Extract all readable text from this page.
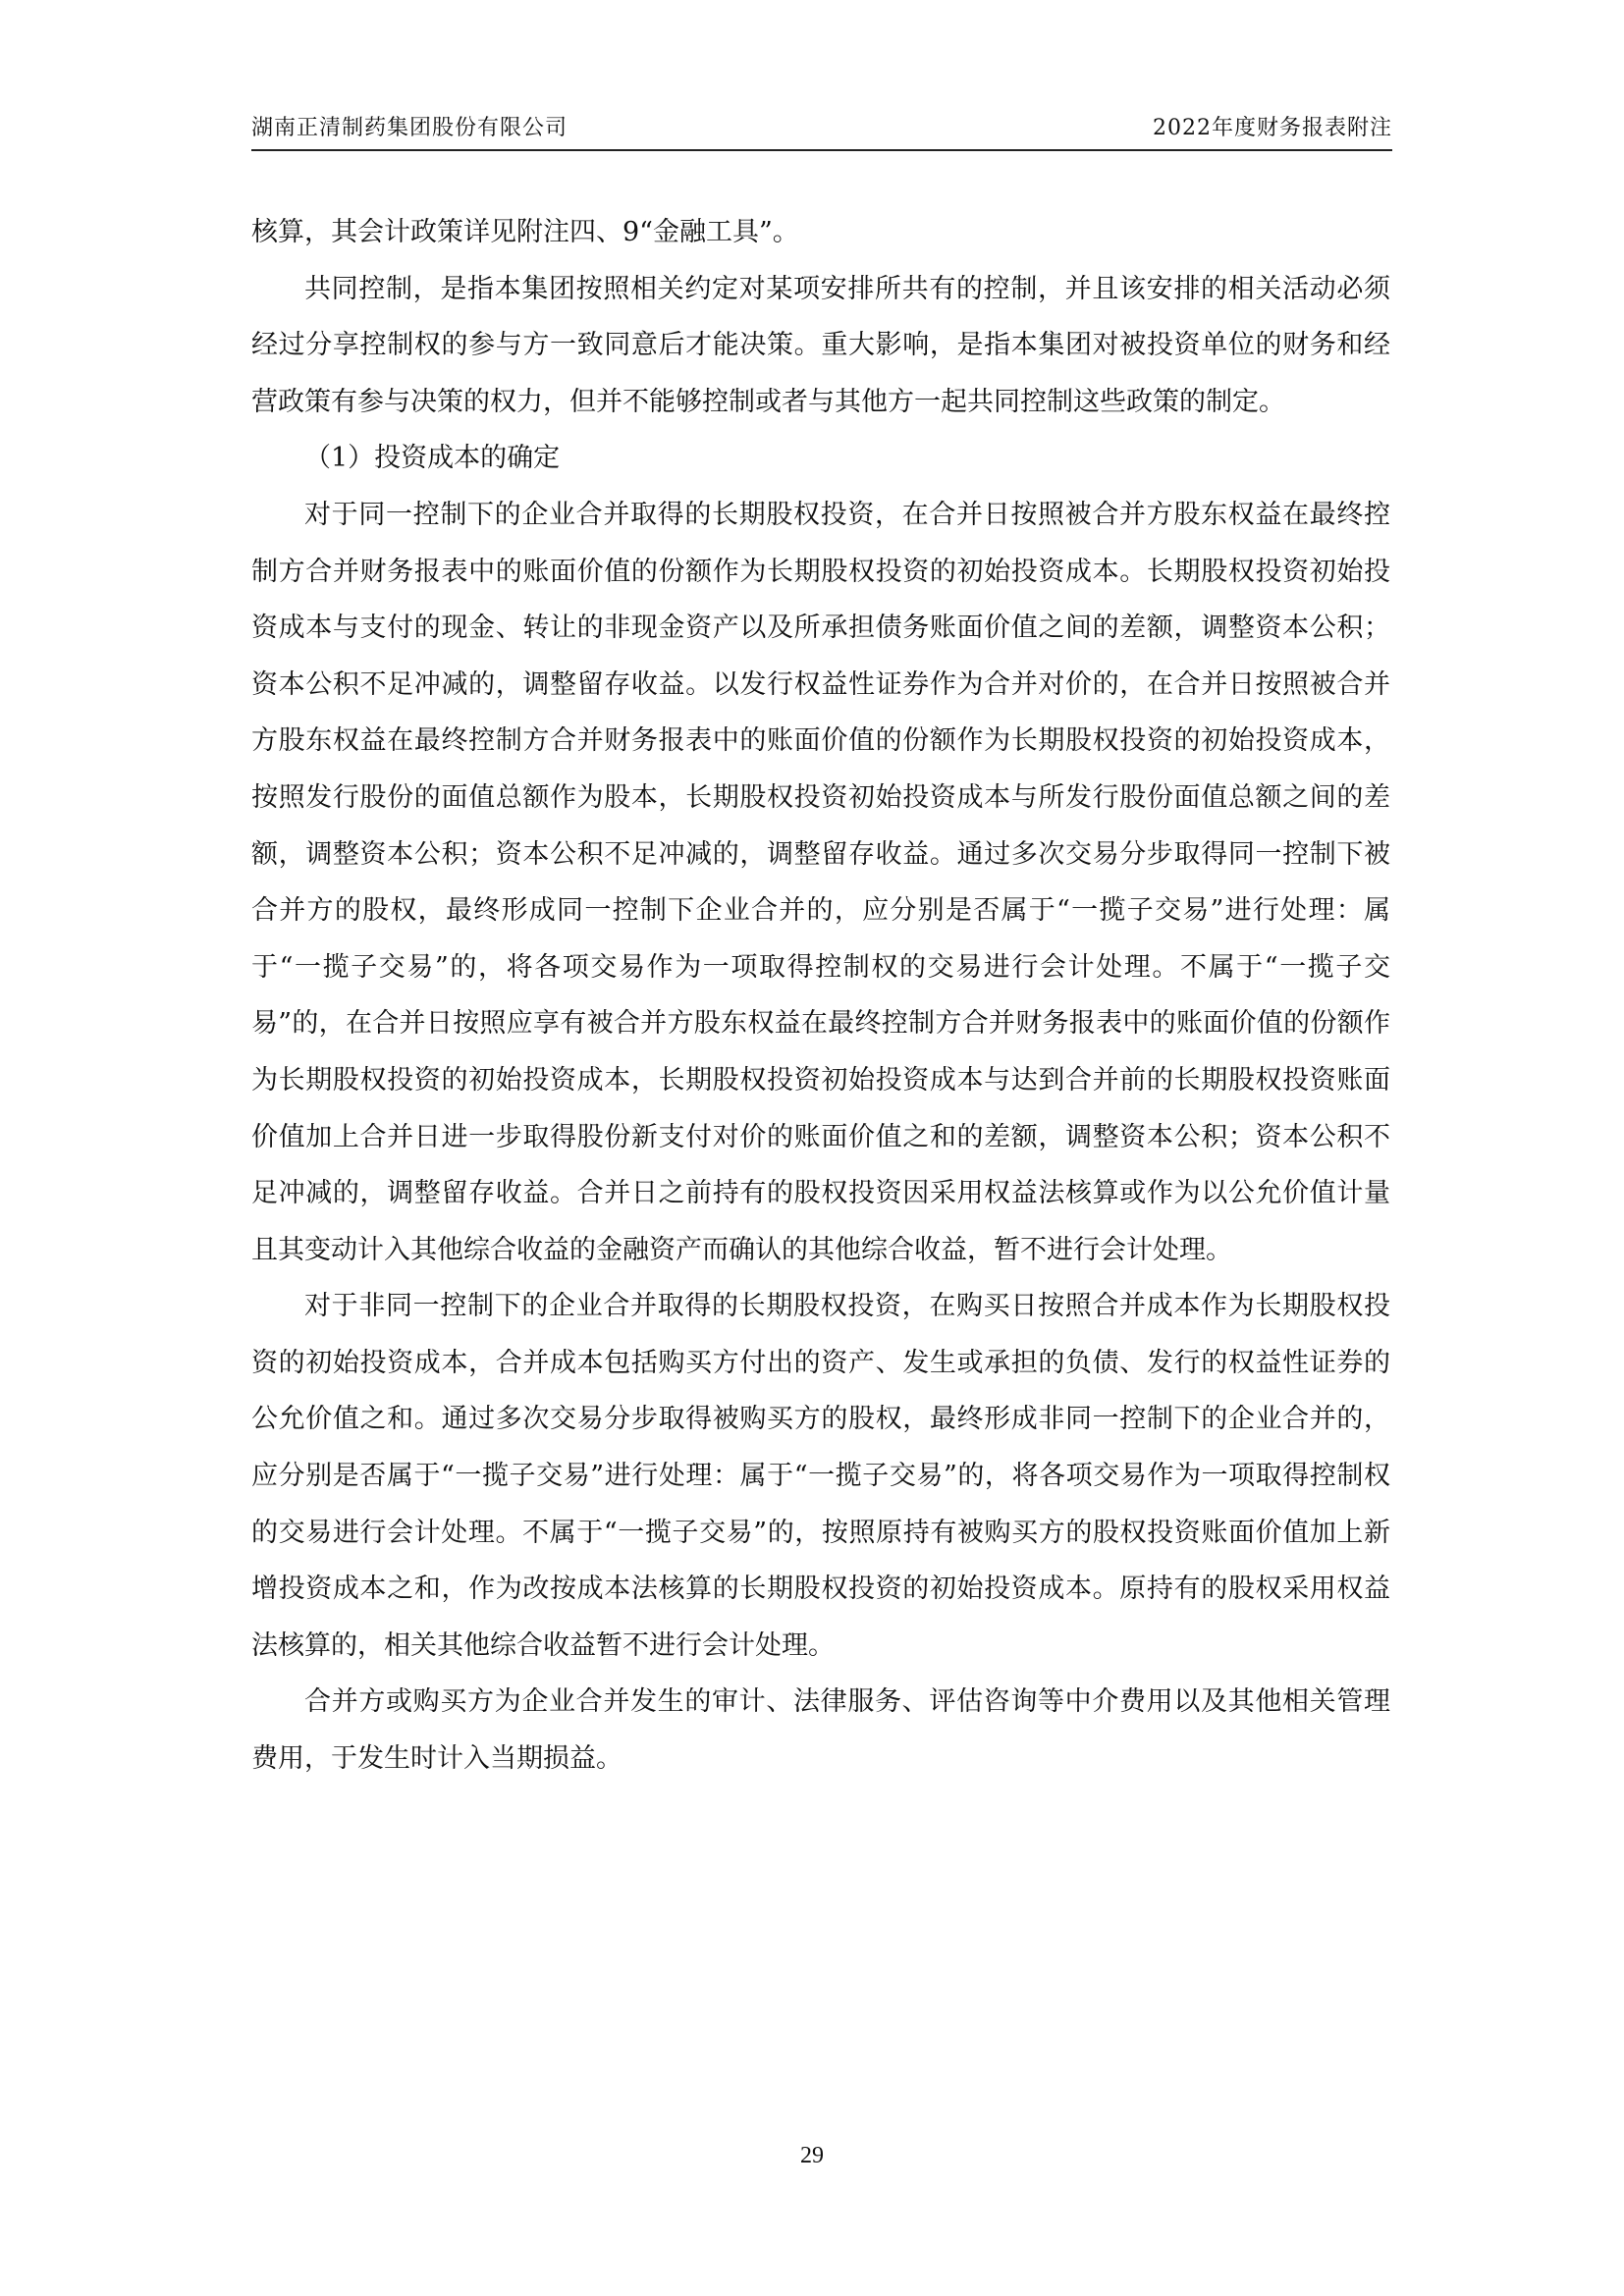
湖南正清制药集团股份有限公司	2022年度财务报表附注

核算，其会计政策详见附注四、9“金融工具”。

共同控制，是指本集团按照相关约定对某项安排所共有的控制，并且该安排的相关活动必须经过分享控制权的参与方一致同意后才能决策。重大影响，是指本集团对被投资单位的财务和经营政策有参与决策的权力，但并不能够控制或者与其他方一起共同控制这些政策的制定。

（1）投资成本的确定

对于同一控制下的企业合并取得的长期股权投资，在合并日按照被合并方股东权益在最终控制方合并财务报表中的账面价值的份额作为长期股权投资的初始投资成本。长期股权投资初始投资成本与支付的现金、转让的非现金资产以及所承担债务账面价值之间的差额，调整资本公积；资本公积不足冲减的，调整留存收益。以发行权益性证券作为合并对价的，在合并日按照被合并方股东权益在最终控制方合并财务报表中的账面价值的份额作为长期股权投资的初始投资成本，按照发行股份的面值总额作为股本，长期股权投资初始投资成本与所发行股份面值总额之间的差额，调整资本公积；资本公积不足冲减的，调整留存收益。通过多次交易分步取得同一控制下被合并方的股权，最终形成同一控制下企业合并的，应分别是否属于“一揽子交易”进行处理：属于“一揽子交易”的，将各项交易作为一项取得控制权的交易进行会计处理。不属于“一揽子交易”的，在合并日按照应享有被合并方股东权益在最终控制方合并财务报表中的账面价值的份额作为长期股权投资的初始投资成本，长期股权投资初始投资成本与达到合并前的长期股权投资账面价值加上合并日进一步取得股份新支付对价的账面价值之和的差额，调整资本公积；资本公积不足冲减的，调整留存收益。合并日之前持有的股权投资因采用权益法核算或作为以公允价值计量且其变动计入其他综合收益的金融资产而确认的其他综合收益，暂不进行会计处理。

对于非同一控制下的企业合并取得的长期股权投资，在购买日按照合并成本作为长期股权投资的初始投资成本，合并成本包括购买方付出的资产、发生或承担的负债、发行的权益性证券的公允价值之和。通过多次交易分步取得被购买方的股权，最终形成非同一控制下的企业合并的，应分别是否属于“一揽子交易”进行处理：属于“一揽子交易”的，将各项交易作为一项取得控制权的交易进行会计处理。不属于“一揽子交易”的，按照原持有被购买方的股权投资账面价值加上新增投资成本之和，作为改按成本法核算的长期股权投资的初始投资成本。原持有的股权采用权益法核算的，相关其他综合收益暂不进行会计处理。

合并方或购买方为企业合并发生的审计、法律服务、评估咨询等中介费用以及其他相关管理费用，于发生时计入当期损益。

29
